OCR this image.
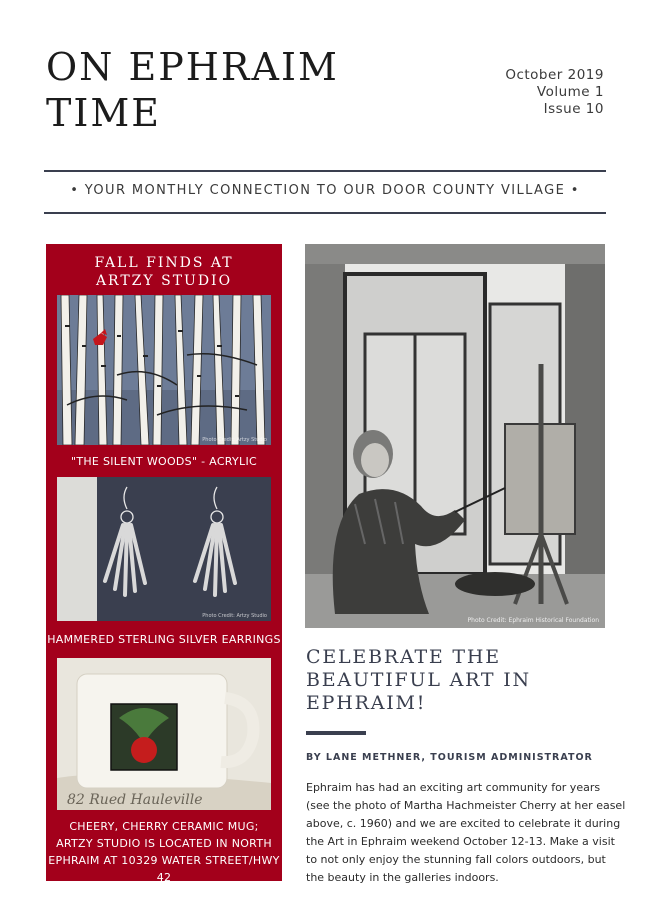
ON EPHRAIM
TIME
October 2019
Volume 1
Issue 10
• YOUR MONTHLY CONNECTION TO OUR DOOR COUNTY VILLAGE •
FALL FINDS AT
ARTZY STUDIO
Photo Credit: Artzy Studio
"THE SILENT WOODS" - ACRYLIC
Photo Credit: Artzy Studio
HAMMERED STERLING SILVER EARRINGS
82 Rued Hauleville
CHEERY, CHERRY CERAMIC MUG;
ARTZY STUDIO IS LOCATED IN NORTH
EPHRAIM AT 10329 WATER STREET/HWY 42
Photo Credit: Ephraim Historical Foundation
CELEBRATE THE
BEAUTIFUL ART IN
EPHRAIM!
BY LANE METHNER, TOURISM ADMINISTRATOR
Ephraim has had an exciting art community for years (see the photo of Martha Hachmeister Cherry at her easel above, c. 1960) and we are excited to celebrate it during the Art in Ephraim weekend October 12-13. Make a visit to not only enjoy the stunning fall colors outdoors, but the beauty in the galleries indoors.
